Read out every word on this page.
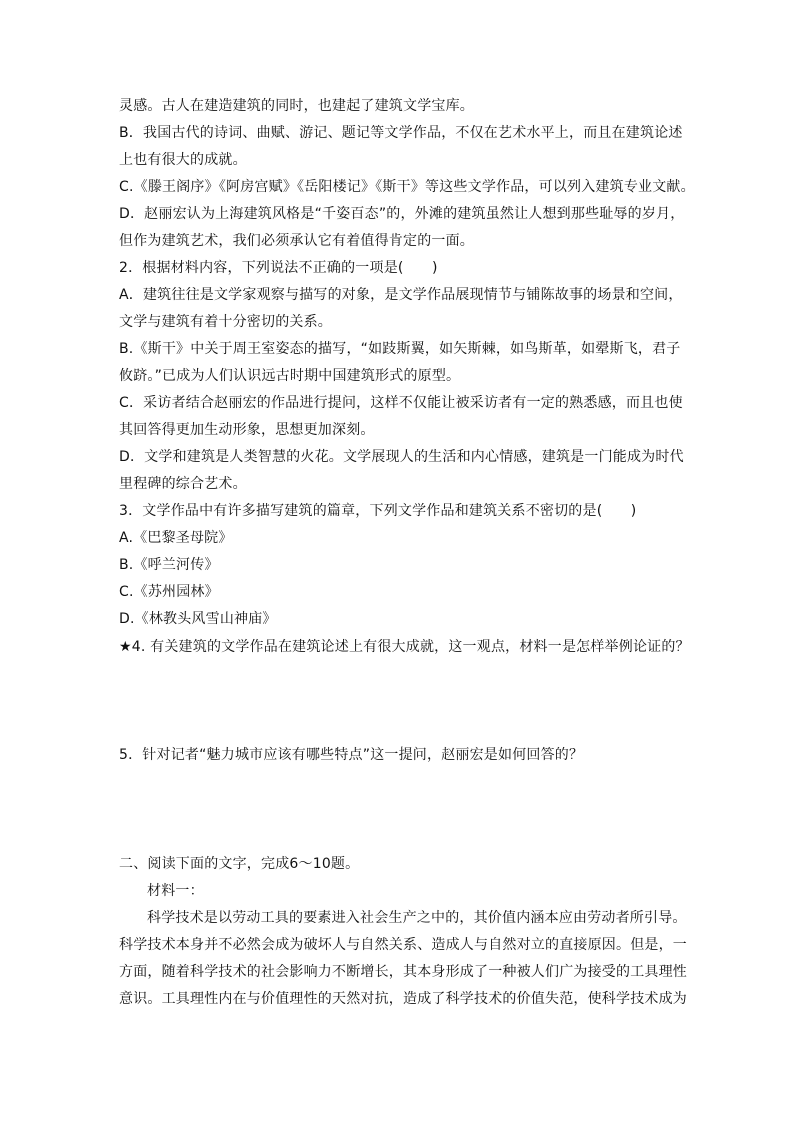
灵感。古人在建造建筑的同时，也建起了建筑文学宝库。
B．我国古代的诗词、曲赋、游记、题记等文学作品，不仅在艺术水平上，而且在建筑论述
上也有很大的成就。
C.《滕王阁序》《阿房宫赋》《岳阳楼记》《斯干》等这些文学作品，可以列入建筑专业文献。
D．赵丽宏认为上海建筑风格是“千姿百态”的，外滩的建筑虽然让人想到那些耻辱的岁月，
但作为建筑艺术，我们必须承认它有着值得肯定的一面。
2．根据材料内容，下列说法不正确的一项是(　　)
A．建筑往往是文学家观察与描写的对象，是文学作品展现情节与铺陈故事的场景和空间，
文学与建筑有着十分密切的关系。
B.《斯干》中关于周王室姿态的描写，“如跂斯翼，如矢斯棘，如鸟斯革，如翚斯飞，君子
攸跻。”已成为人们认识远古时期中国建筑形式的原型。
C．采访者结合赵丽宏的作品进行提问，这样不仅能让被采访者有一定的熟悉感，而且也使
其回答得更加生动形象，思想更加深刻。
D．文学和建筑是人类智慧的火花。文学展现人的生活和内心情感，建筑是一门能成为时代
里程碑的综合艺术。
3．文学作品中有许多描写建筑的篇章，下列文学作品和建筑关系不密切的是(　　)
A.《巴黎圣母院》
B.《呼兰河传》
C.《苏州园林》
D.《林教头风雪山神庙》
★4. 有关建筑的文学作品在建筑论述上有很大成就，这一观点，材料一是怎样举例论证的？
5．针对记者“魅力城市应该有哪些特点”这一提问，赵丽宏是如何回答的？
二、阅读下面的文字，完成6～10题。
材料一：
科学技术是以劳动工具的要素进入社会生产之中的，其价值内涵本应由劳动者所引导。
科学技术本身并不必然会成为破坏人与自然关系、造成人与自然对立的直接原因。但是，一
方面，随着科学技术的社会影响力不断增长，其本身形成了一种被人们广为接受的工具理性
意识。工具理性内在与价值理性的天然对抗，造成了科学技术的价值失范，使科学技术成为
